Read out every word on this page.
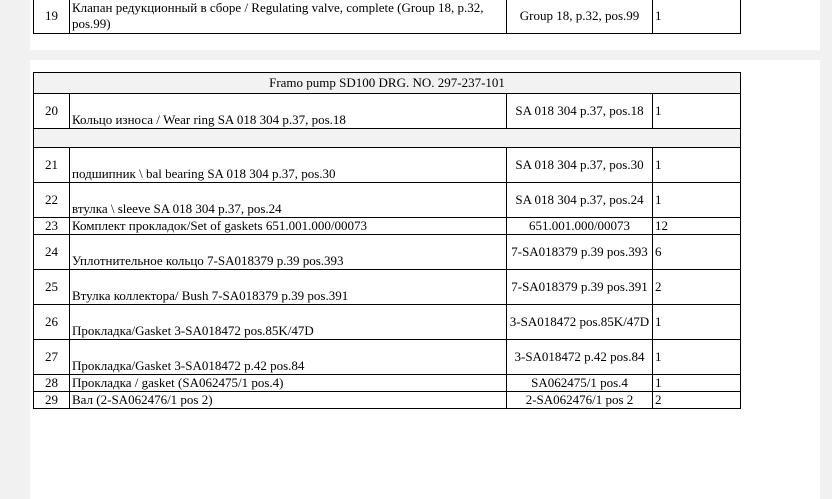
19	Клапан редукционный в сборе / Regulating valve, complete (Group 18, p.32, pos.99)	Group 18, p.32, pos.99	1
Framo pump SD100 DRG. NO. 297-237-101			
20	Кольцо износа / Wear ring SA 018 304 p.37, pos.18	SA 018 304 p.37, pos.18	1

21	подшипник \ bal bearing SA 018 304 p.37, pos.30	SA 018 304 p.37, pos.30	1
22	втулка \ sleeve SA 018 304 p.37, pos.24	SA 018 304 p.37, pos.24	1
23	Комплект прокладок/Set of gaskets 651.001.000/00073	651.001.000/00073	12
24	Уплотнительное кольцо 7-SA018379 p.39 pos.393	7-SA018379 p.39 pos.393	6
25	Втулка коллектора/ Bush 7-SA018379 p.39 pos.391	7-SA018379 p.39 pos.391	2
26	Прокладка/Gasket 3-SA018472 pos.85K/47D	3-SA018472 pos.85K/47D	1
27	Прокладка/Gasket 3-SA018472 p.42 pos.84	3-SA018472 p.42 pos.84	1
28	Прокладка / gasket (SA062475/1 pos.4)	SA062475/1 pos.4	1
29	Вал (2-SA062476/1 pos 2)	2-SA062476/1 pos 2	2
